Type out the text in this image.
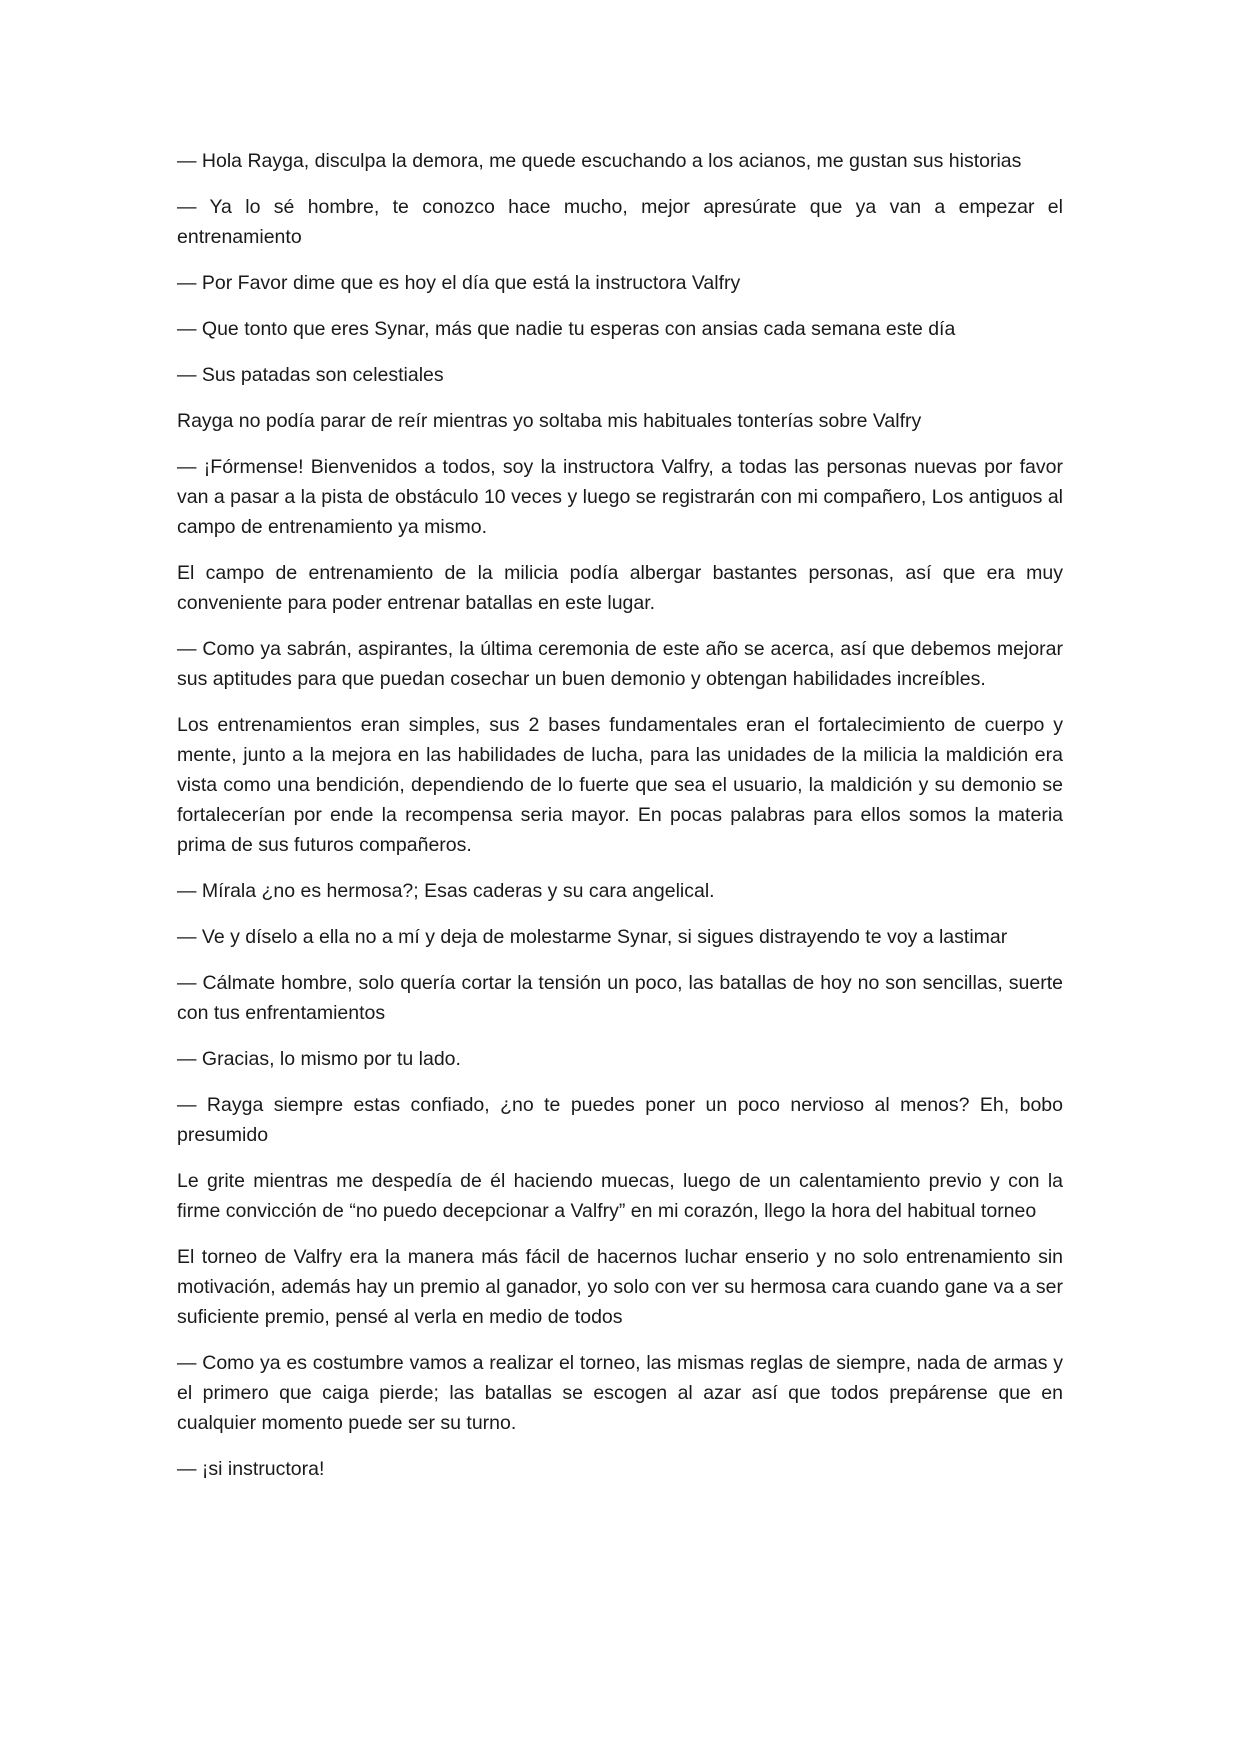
— Hola Rayga, disculpa la demora, me quede escuchando a los acianos, me gustan sus historias

— Ya lo sé hombre, te conozco hace mucho, mejor apresúrate que ya van a empezar el entrenamiento

— Por Favor dime que es hoy el día que está la instructora Valfry

— Que tonto que eres Synar, más que nadie tu esperas con ansias cada semana este día

— Sus patadas son celestiales

Rayga no podía parar de reír mientras yo soltaba mis habituales tonterías sobre Valfry

— ¡Fórmense! Bienvenidos a todos, soy la instructora Valfry, a todas las personas nuevas por favor van a pasar a la pista de obstáculo 10 veces y luego se registrarán con mi compañero, Los antiguos al campo de entrenamiento ya mismo.

El campo de entrenamiento de la milicia podía albergar bastantes personas, así que era muy conveniente para poder entrenar batallas en este lugar.

— Como ya sabrán, aspirantes, la última ceremonia de este año se acerca, así que debemos mejorar sus aptitudes para que puedan cosechar un buen demonio y obtengan habilidades increíbles.

Los entrenamientos eran simples, sus 2 bases fundamentales eran el fortalecimiento de cuerpo y mente, junto a la mejora en las habilidades de lucha, para las unidades de la milicia la maldición era vista como una bendición, dependiendo de lo fuerte que sea el usuario, la maldición y su demonio se fortalecerían por ende la recompensa seria mayor. En pocas palabras para ellos somos la materia prima de sus futuros compañeros.

— Mírala ¿no es hermosa?; Esas caderas y su cara angelical.

— Ve y díselo a ella no a mí y deja de molestarme Synar, si sigues distrayendo te voy a lastimar

— Cálmate hombre, solo quería cortar la tensión un poco, las batallas de hoy no son sencillas, suerte con tus enfrentamientos

— Gracias, lo mismo por tu lado.

— Rayga siempre estas confiado, ¿no te puedes poner un poco nervioso al menos? Eh, bobo presumido

Le grite mientras me despedía de él haciendo muecas, luego de un calentamiento previo y con la firme convicción de “no puedo decepcionar a Valfry” en mi corazón, llego la hora del habitual torneo

El torneo de Valfry era la manera más fácil de hacernos luchar enserio y no solo entrenamiento sin motivación, además hay un premio al ganador, yo solo con ver su hermosa cara cuando gane va a ser suficiente premio, pensé al verla en medio de todos

— Como ya es costumbre vamos a realizar el torneo, las mismas reglas de siempre, nada de armas y el primero que caiga pierde; las batallas se escogen al azar así que todos prepárense que en cualquier momento puede ser su turno.

— ¡si instructora!
